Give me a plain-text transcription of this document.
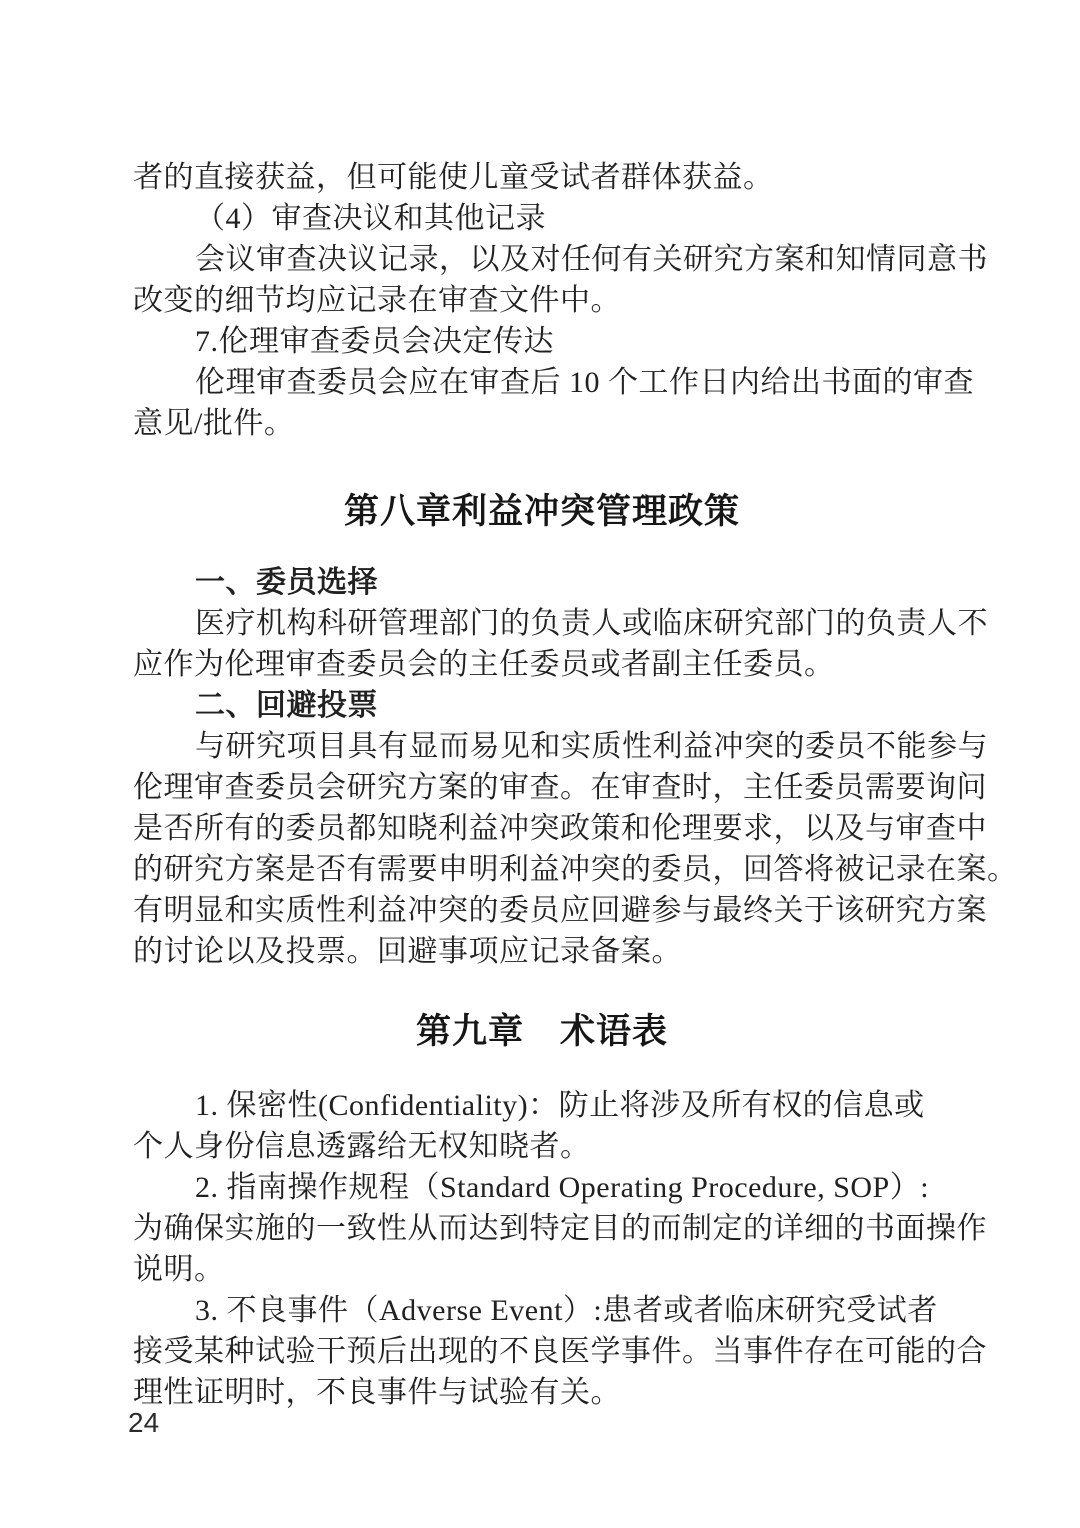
者的直接获益，但可能使儿童受试者群体获益。
（4）审查决议和其他记录
会议审查决议记录，以及对任何有关研究方案和知情同意书
改变的细节均应记录在审查文件中。
7.伦理审查委员会决定传达
伦理审查委员会应在审查后 10 个工作日内给出书面的审查
意见/批件。
第八章利益冲突管理政策
一、委员选择
医疗机构科研管理部门的负责人或临床研究部门的负责人不
应作为伦理审查委员会的主任委员或者副主任委员。
二、回避投票
与研究项目具有显而易见和实质性利益冲突的委员不能参与
伦理审查委员会研究方案的审查。在审查时，主任委员需要询问
是否所有的委员都知晓利益冲突政策和伦理要求，以及与审查中
的研究方案是否有需要申明利益冲突的委员，回答将被记录在案。
有明显和实质性利益冲突的委员应回避参与最终关于该研究方案
的讨论以及投票。回避事项应记录备案。
第九章　术语表
1. 保密性(Confidentiality)：防止将涉及所有权的信息或
个人身份信息透露给无权知晓者。
2. 指南操作规程（Standard Operating Procedure, SOP）:
为确保实施的一致性从而达到特定目的而制定的详细的书面操作
说明。
3. 不良事件（Adverse Event）:患者或者临床研究受试者
接受某种试验干预后出现的不良医学事件。当事件存在可能的合
理性证明时，不良事件与试验有关。
24
